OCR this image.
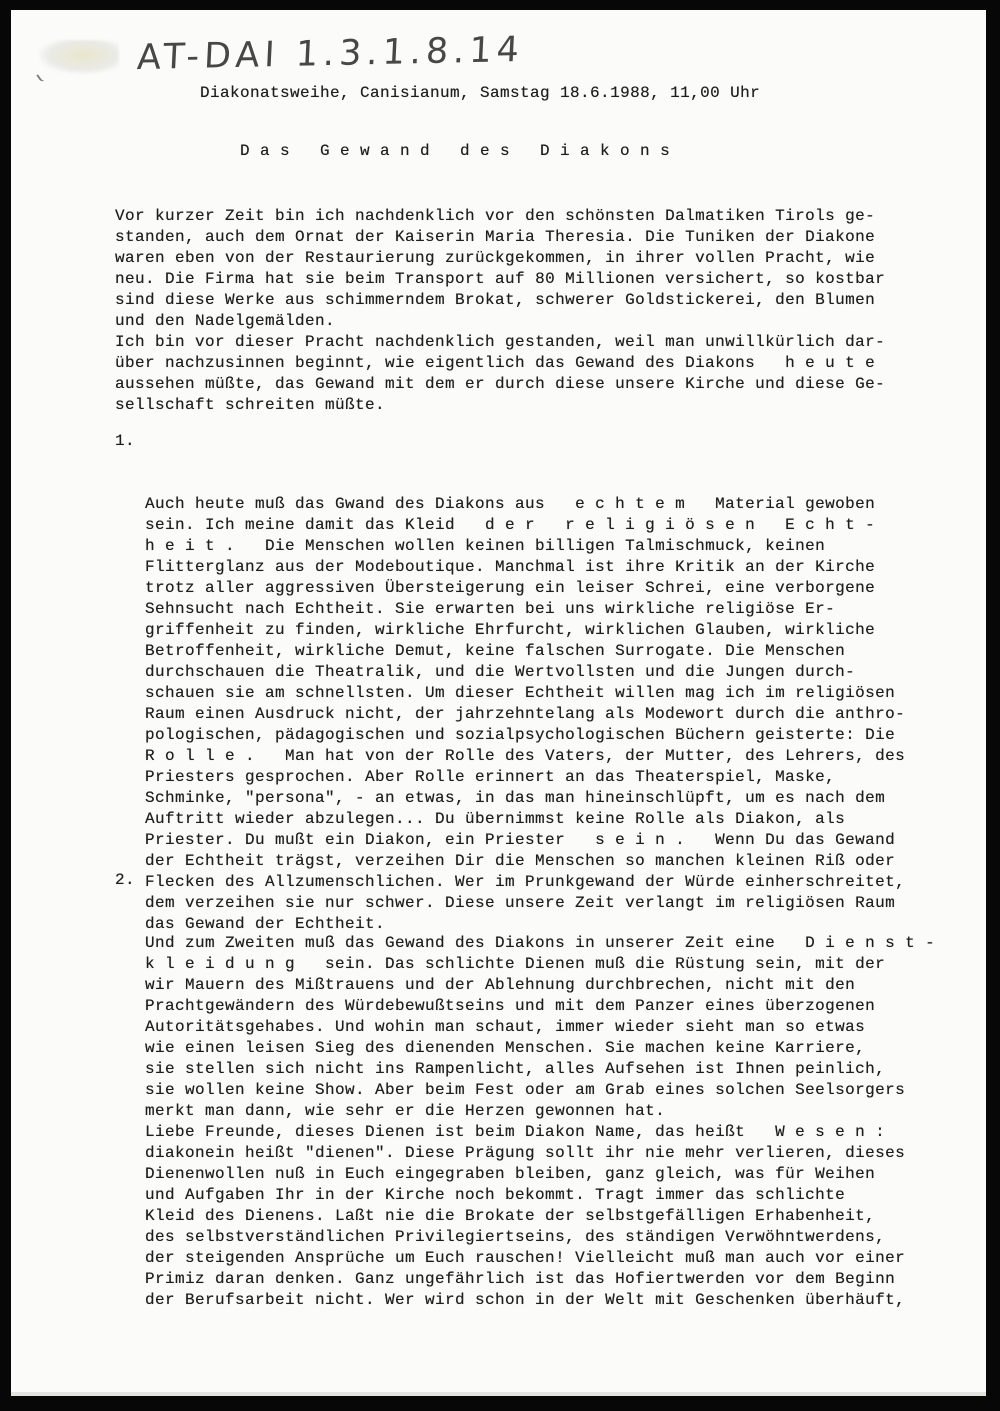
AT-DAI 1.3.1.8.14
Diakonatsweihe, Canisianum, Samstag 18.6.1988, 11,00 Uhr
D a s   G e w a n d   d e s   D i a k o n s
Vor kurzer Zeit bin ich nachdenklich vor den schönsten Dalmatiken Tirols ge-
standen, auch dem Ornat der Kaiserin Maria Theresia. Die Tuniken der Diakone
waren eben von der Restaurierung zurückgekommen, in ihrer vollen Pracht, wie
neu. Die Firma hat sie beim Transport auf 80 Millionen versichert, so kostbar
sind diese Werke aus schimmerndem Brokat, schwerer Goldstickerei, den Blumen
und den Nadelgemälden.
Ich bin vor dieser Pracht nachdenklich gestanden, weil man unwillkürlich dar-
über nachzusinnen beginnt, wie eigentlich das Gewand des Diakons   h e u t e
aussehen müßte, das Gewand mit dem er durch diese unsere Kirche und diese Ge-
sellschaft schreiten müßte.

1.

Auch heute muß das Gwand des Diakons aus   e c h t e m   Material gewoben
sein. Ich meine damit das Kleid   d e r   r e l i g i ö s e n   E c h t -
h e i t .   Die Menschen wollen keinen billigen Talmischmuck, keinen
Flitterglanz aus der Modeboutique. Manchmal ist ihre Kritik an der Kirche
trotz aller aggressiven Übersteigerung ein leiser Schrei, eine verborgene
Sehnsucht nach Echtheit. Sie erwarten bei uns wirkliche religiöse Er-
griffenheit zu finden, wirkliche Ehrfurcht, wirklichen Glauben, wirkliche
Betroffenheit, wirkliche Demut, keine falschen Surrogate. Die Menschen
durchschauen die Theatralik, und die Wertvollsten und die Jungen durch-
schauen sie am schnellsten. Um dieser Echtheit willen mag ich im religiösen
Raum einen Ausdruck nicht, der jahrzehntelang als Modewort durch die anthro-
pologischen, pädagogischen und sozialpsychologischen Büchern geisterte: Die
R o l l e .   Man hat von der Rolle des Vaters, der Mutter, des Lehrers, des
Priesters gesprochen. Aber Rolle erinnert an das Theaterspiel, Maske,
Schminke, "persona", - an etwas, in das man hineinschlüpft, um es nach dem
Auftritt wieder abzulegen... Du übernimmst keine Rolle als Diakon, als
Priester. Du mußt ein Diakon, ein Priester   s e i n .   Wenn Du das Gewand
der Echtheit trägst, verzeihen Dir die Menschen so manchen kleinen Riß oder
Flecken des Allzumenschlichen. Wer im Prunkgewand der Würde einherschreitet,
dem verzeihen sie nur schwer. Diese unsere Zeit verlangt im religiösen Raum
das Gewand der Echtheit.

2.

Und zum Zweiten muß das Gewand des Diakons in unserer Zeit eine   D i e n s t -
k l e i d u n g   sein. Das schlichte Dienen muß die Rüstung sein, mit der
wir Mauern des Mißtrauens und der Ablehnung durchbrechen, nicht mit den
Prachtgewändern des Würdebewußtseins und mit dem Panzer eines überzogenen
Autoritätsgehabes. Und wohin man schaut, immer wieder sieht man so etwas
wie einen leisen Sieg des dienenden Menschen. Sie machen keine Karriere,
sie stellen sich nicht ins Rampenlicht, alles Aufsehen ist Ihnen peinlich,
sie wollen keine Show. Aber beim Fest oder am Grab eines solchen Seelsorgers
merkt man dann, wie sehr er die Herzen gewonnen hat.
Liebe Freunde, dieses Dienen ist beim Diakon Name, das heißt   W e s e n :
diakonein heißt "dienen". Diese Prägung sollt ihr nie mehr verlieren, dieses
Dienenwollen nuß in Euch eingegraben bleiben, ganz gleich, was für Weihen
und Aufgaben Ihr in der Kirche noch bekommt. Tragt immer das schlichte
Kleid des Dienens. Laßt nie die Brokate der selbstgefälligen Erhabenheit,
des selbstverständlichen Privilegiertseins, des ständigen Verwöhntwerdens,
der steigenden Ansprüche um Euch rauschen! Vielleicht muß man auch vor einer
Primiz daran denken. Ganz ungefährlich ist das Hofiertwerden vor dem Beginn
der Berufsarbeit nicht. Wer wird schon in der Welt mit Geschenken überhäuft,
